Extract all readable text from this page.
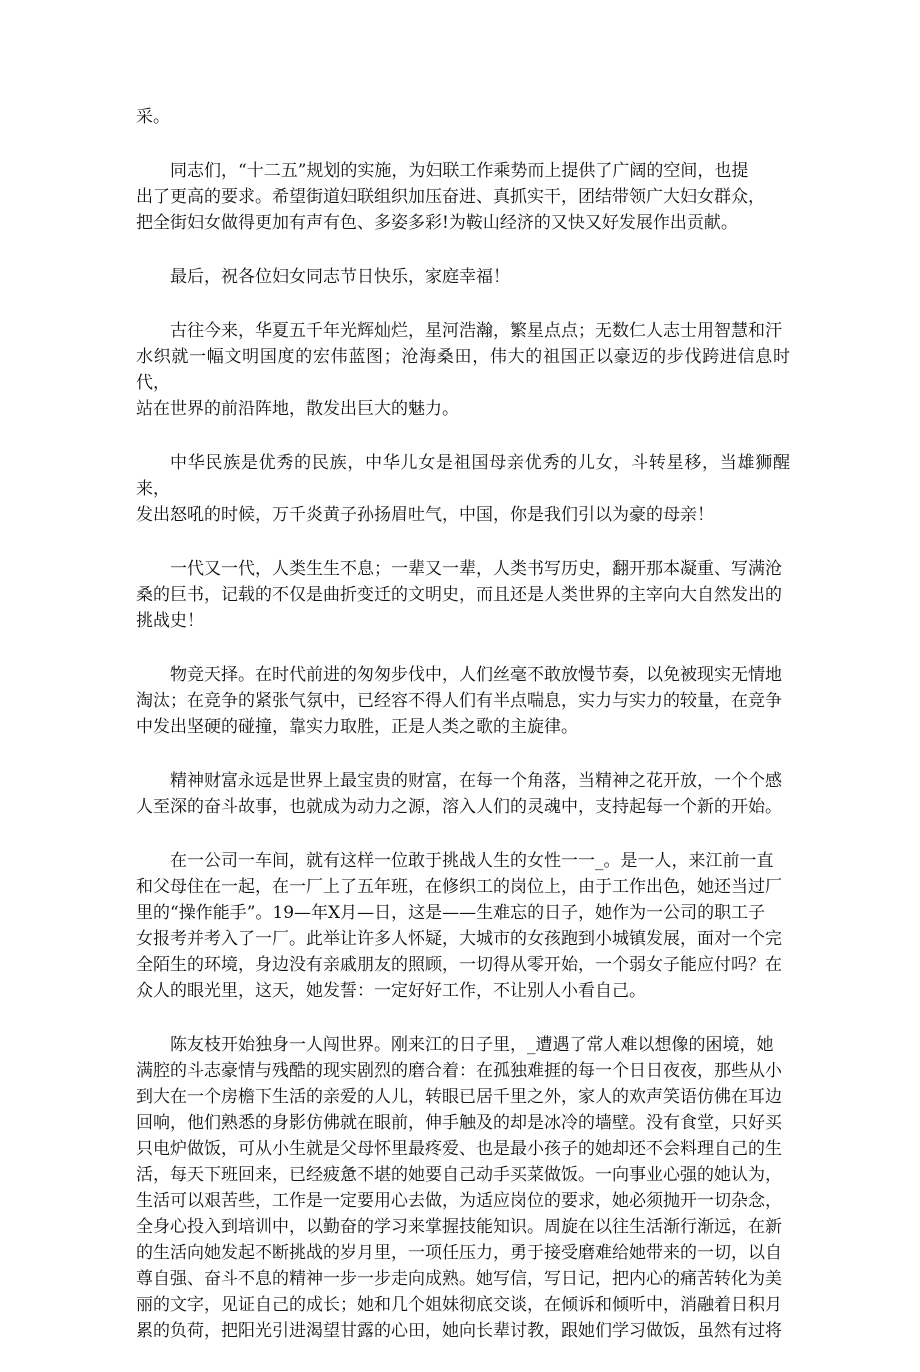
采。

同志们，“十二五”规划的实施，为妇联工作乘势而上提供了广阔的空间，也提
出了更高的要求。希望街道妇联组织加压奋进、真抓实干，团结带领广大妇女群众，
把全街妇女做得更加有声有色、多姿多彩!为鞍山经济的又快又好发展作出贡献。

最后，祝各位妇女同志节日快乐，家庭幸福！

古往今来，华夏五千年光辉灿烂，星河浩瀚，繁星点点；无数仁人志士用智慧和汗
水织就一幅文明国度的宏伟蓝图；沧海桑田，伟大的祖国正以豪迈的步伐跨进信息时代，
站在世界的前沿阵地，散发出巨大的魅力。

中华民族是优秀的民族，中华儿女是祖国母亲优秀的儿女，斗转星移，当雄狮醒来，
发出怒吼的时候，万千炎黄子孙扬眉吐气，中国，你是我们引以为豪的母亲！

一代又一代，人类生生不息；一辈又一辈，人类书写历史，翻开那本凝重、写满沧
桑的巨书，记载的不仅是曲折变迁的文明史，而且还是人类世界的主宰向大自然发出的
挑战史！

物竞天择。在时代前进的匆匆步伐中，人们丝毫不敢放慢节奏，以免被现实无情地
淘汰；在竞争的紧张气氛中，已经容不得人们有半点喘息，实力与实力的较量，在竞争
中发出坚硬的碰撞，靠实力取胜，正是人类之歌的主旋律。

精神财富永远是世界上最宝贵的财富，在每一个角落，当精神之花开放，一个个感
人至深的奋斗故事，也就成为动力之源，溶入人们的灵魂中，支持起每一个新的开始。

在一公司一车间，就有这样一位敢于挑战人生的女性一一_。是一人，来江前一直
和父母住在一起，在一厂上了五年班，在修织工的岗位上，由于工作出色，她还当过厂
里的“操作能手”。19—年X月—日，这是——生难忘的日子，她作为一公司的职工子
女报考并考入了一厂。此举让许多人怀疑，大城市的女孩跑到小城镇发展，面对一个完
全陌生的环境，身边没有亲戚朋友的照顾，一切得从零开始，一个弱女子能应付吗？在
众人的眼光里，这天，她发誓：一定好好工作，不让别人小看自己。

陈友枝开始独身一人闯世界。刚来江的日子里，_遭遇了常人难以想像的困境，她
满腔的斗志豪情与残酷的现实剧烈的磨合着：在孤独难捱的每一个日日夜夜，那些从小
到大在一个房檐下生活的亲爱的人儿，转眼已居千里之外，家人的欢声笑语仿佛在耳边
回响，他们熟悉的身影仿佛就在眼前，伸手触及的却是冰冷的墙壁。没有食堂，只好买
只电炉做饭，可从小生就是父母怀里最疼爱、也是最小孩子的她却还不会料理自己的生
活，每天下班回来，已经疲惫不堪的她要自己动手买菜做饭。一向事业心强的她认为，
生活可以艰苦些，工作是一定要用心去做，为适应岗位的要求，她必须抛开一切杂念，
全身心投入到培训中，以勤奋的学习来掌握技能知识。周旋在以往生活渐行渐远，在新
的生活向她发起不断挑战的岁月里，一项任压力，勇于接受磨难给她带来的一切，以自
尊自强、奋斗不息的精神一步一步走向成熟。她写信，写日记，把内心的痛苦转化为美
丽的文字，见证自己的成长；她和几个姐妹彻底交谈，在倾诉和倾听中，消融着日积月
累的负荷，把阳光引进渴望甘露的心田，她向长辈讨教，跟她们学习做饭，虽然有过将
